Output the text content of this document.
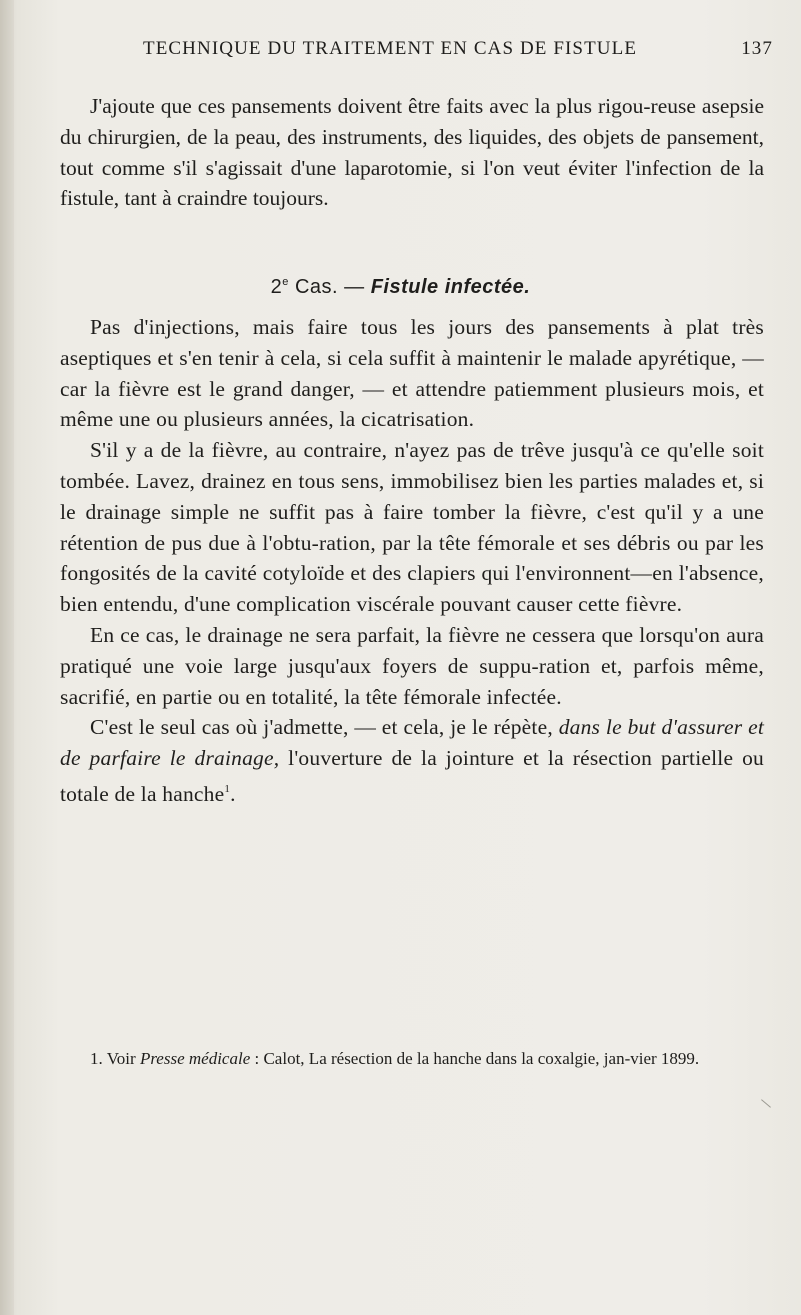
TECHNIQUE DU TRAITEMENT EN CAS DE FISTULE	137

J'ajoute que ces pansements doivent être faits avec la plus rigou-reuse asepsie du chirurgien, de la peau, des instruments, des liquides, des objets de pansement, tout comme s'il s'agissait d'une laparotomie, si l'on veut éviter l'infection de la fistule, tant à craindre toujours.

2e Cas. — Fistule infectée.

Pas d'injections, mais faire tous les jours des pansements à plat très aseptiques et s'en tenir à cela, si cela suffit à maintenir le malade apyrétique, — car la fièvre est le grand danger, — et attendre patiemment plusieurs mois, et même une ou plusieurs années, la cicatrisation.

S'il y a de la fièvre, au contraire, n'ayez pas de trêve jusqu'à ce qu'elle soit tombée. Lavez, drainez en tous sens, immobilisez bien les parties malades et, si le drainage simple ne suffit pas à faire tomber la fièvre, c'est qu'il y a une rétention de pus due à l'obtu-ration, par la tête fémorale et ses débris ou par les fongosités de la cavité cotyloïde et des clapiers qui l'environnent—en l'absence, bien entendu, d'une complication viscérale pouvant causer cette fièvre.

En ce cas, le drainage ne sera parfait, la fièvre ne cessera que lorsqu'on aura pratiqué une voie large jusqu'aux foyers de suppu-ration et, parfois même, sacrifié, en partie ou en totalité, la tête fémorale infectée.

C'est le seul cas où j'admette, — et cela, je le répète, dans le but d'assurer et de parfaire le drainage, l'ouverture de la jointure et la résection partielle ou totale de la hanche$^1$.

1. Voir Presse médicale : Calot, La résection de la hanche dans la coxalgie, jan-vier 1899.
